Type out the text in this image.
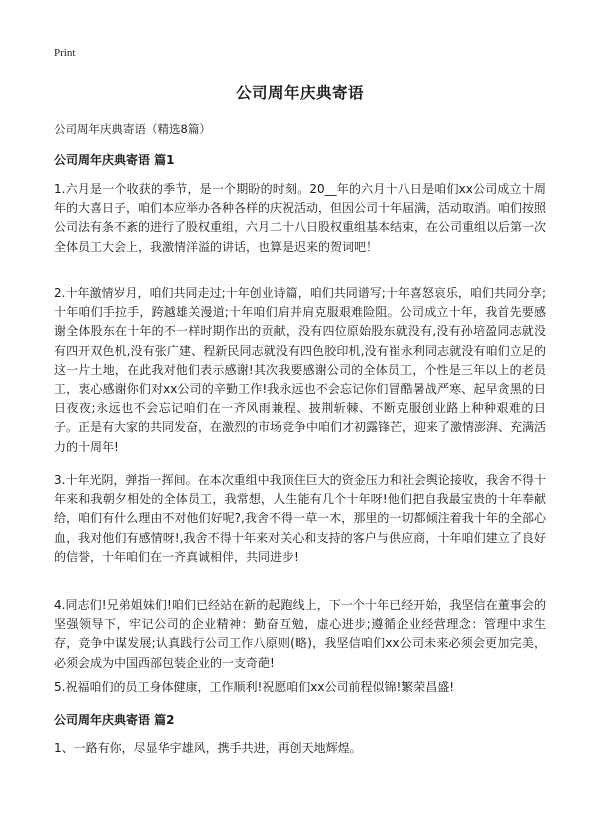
Print
公司周年庆典寄语

公司周年庆典寄语（精选8篇）

公司周年庆典寄语 篇1

1.六月是一个收获的季节，是一个期盼的时刻。20__年的六月十八日是咱们xx公司成立十周年的大喜日子，咱们本应举办各种各样的庆祝活动，但因公司十年届满，活动取消。咱们按照公司法有条不紊的进行了股权重组，六月二十八日股权重组基本结束，在公司重组以后第一次全体员工大会上，我激情洋溢的讲话，也算是迟来的贺词吧！

2.十年激情岁月，咱们共同走过;十年创业诗篇，咱们共同谱写;十年喜怒哀乐，咱们共同分享;十年咱们手拉手，跨越雄关漫道;十年咱们肩并肩克服艰难险阻。公司成立十年，我首先要感谢全体股东在十年的不一样时期作出的贡献，没有四位原始股东就没有,没有孙培盈同志就没有四开双色机,没有张广建、程新民同志就没有四色胶印机,没有崔永利同志就没有咱们立足的这一片土地，在此我对他们表示感谢!其次我要感谢公司的全体员工，个性是三年以上的老员工，衷心感谢你们对xx公司的辛勤工作!我永远也不会忘记你们冒酷暑战严寒、起早贪黑的日日夜夜;永远也不会忘记咱们在一齐风雨兼程、披荆斩棘、不断克服创业路上种种艰难的日子。正是有大家的共同发奋，在激烈的市场竞争中咱们才初露锋芒，迎来了激情澎湃、充满活力的十周年!

3.十年光阴，弹指一挥间。在本次重组中我顶住巨大的资金压力和社会舆论接收，我舍不得十年来和我朝夕相处的全体员工，我常想，人生能有几个十年呀!他们把自我最宝贵的十年奉献给，咱们有什么理由不对他们好呢?,我舍不得一草一木，那里的一切都倾注着我十年的全部心血，我对他们有感情呀!,我舍不得十年来对关心和支持的客户与供应商，十年咱们建立了良好的信誉，十年咱们在一齐真诚相伴，共同进步!

4.同志们!兄弟姐妹们!咱们已经站在新的起跑线上，下一个十年已经开始，我坚信在董事会的坚强领导下，牢记公司的企业精神：勤奋互勉，虚心进步;遵循企业经营理念：管理中求生存，竞争中谋发展;认真践行公司工作八原则(略)，我坚信咱们xx公司未来必须会更加完美，必须会成为中国西部包装企业的一支奇葩!

5.祝福咱们的员工身体健康，工作顺利!祝愿咱们xx公司前程似锦!繁荣昌盛!

公司周年庆典寄语 篇2

1、一路有你，尽显华宇雄风，携手共进，再创天地辉煌。
